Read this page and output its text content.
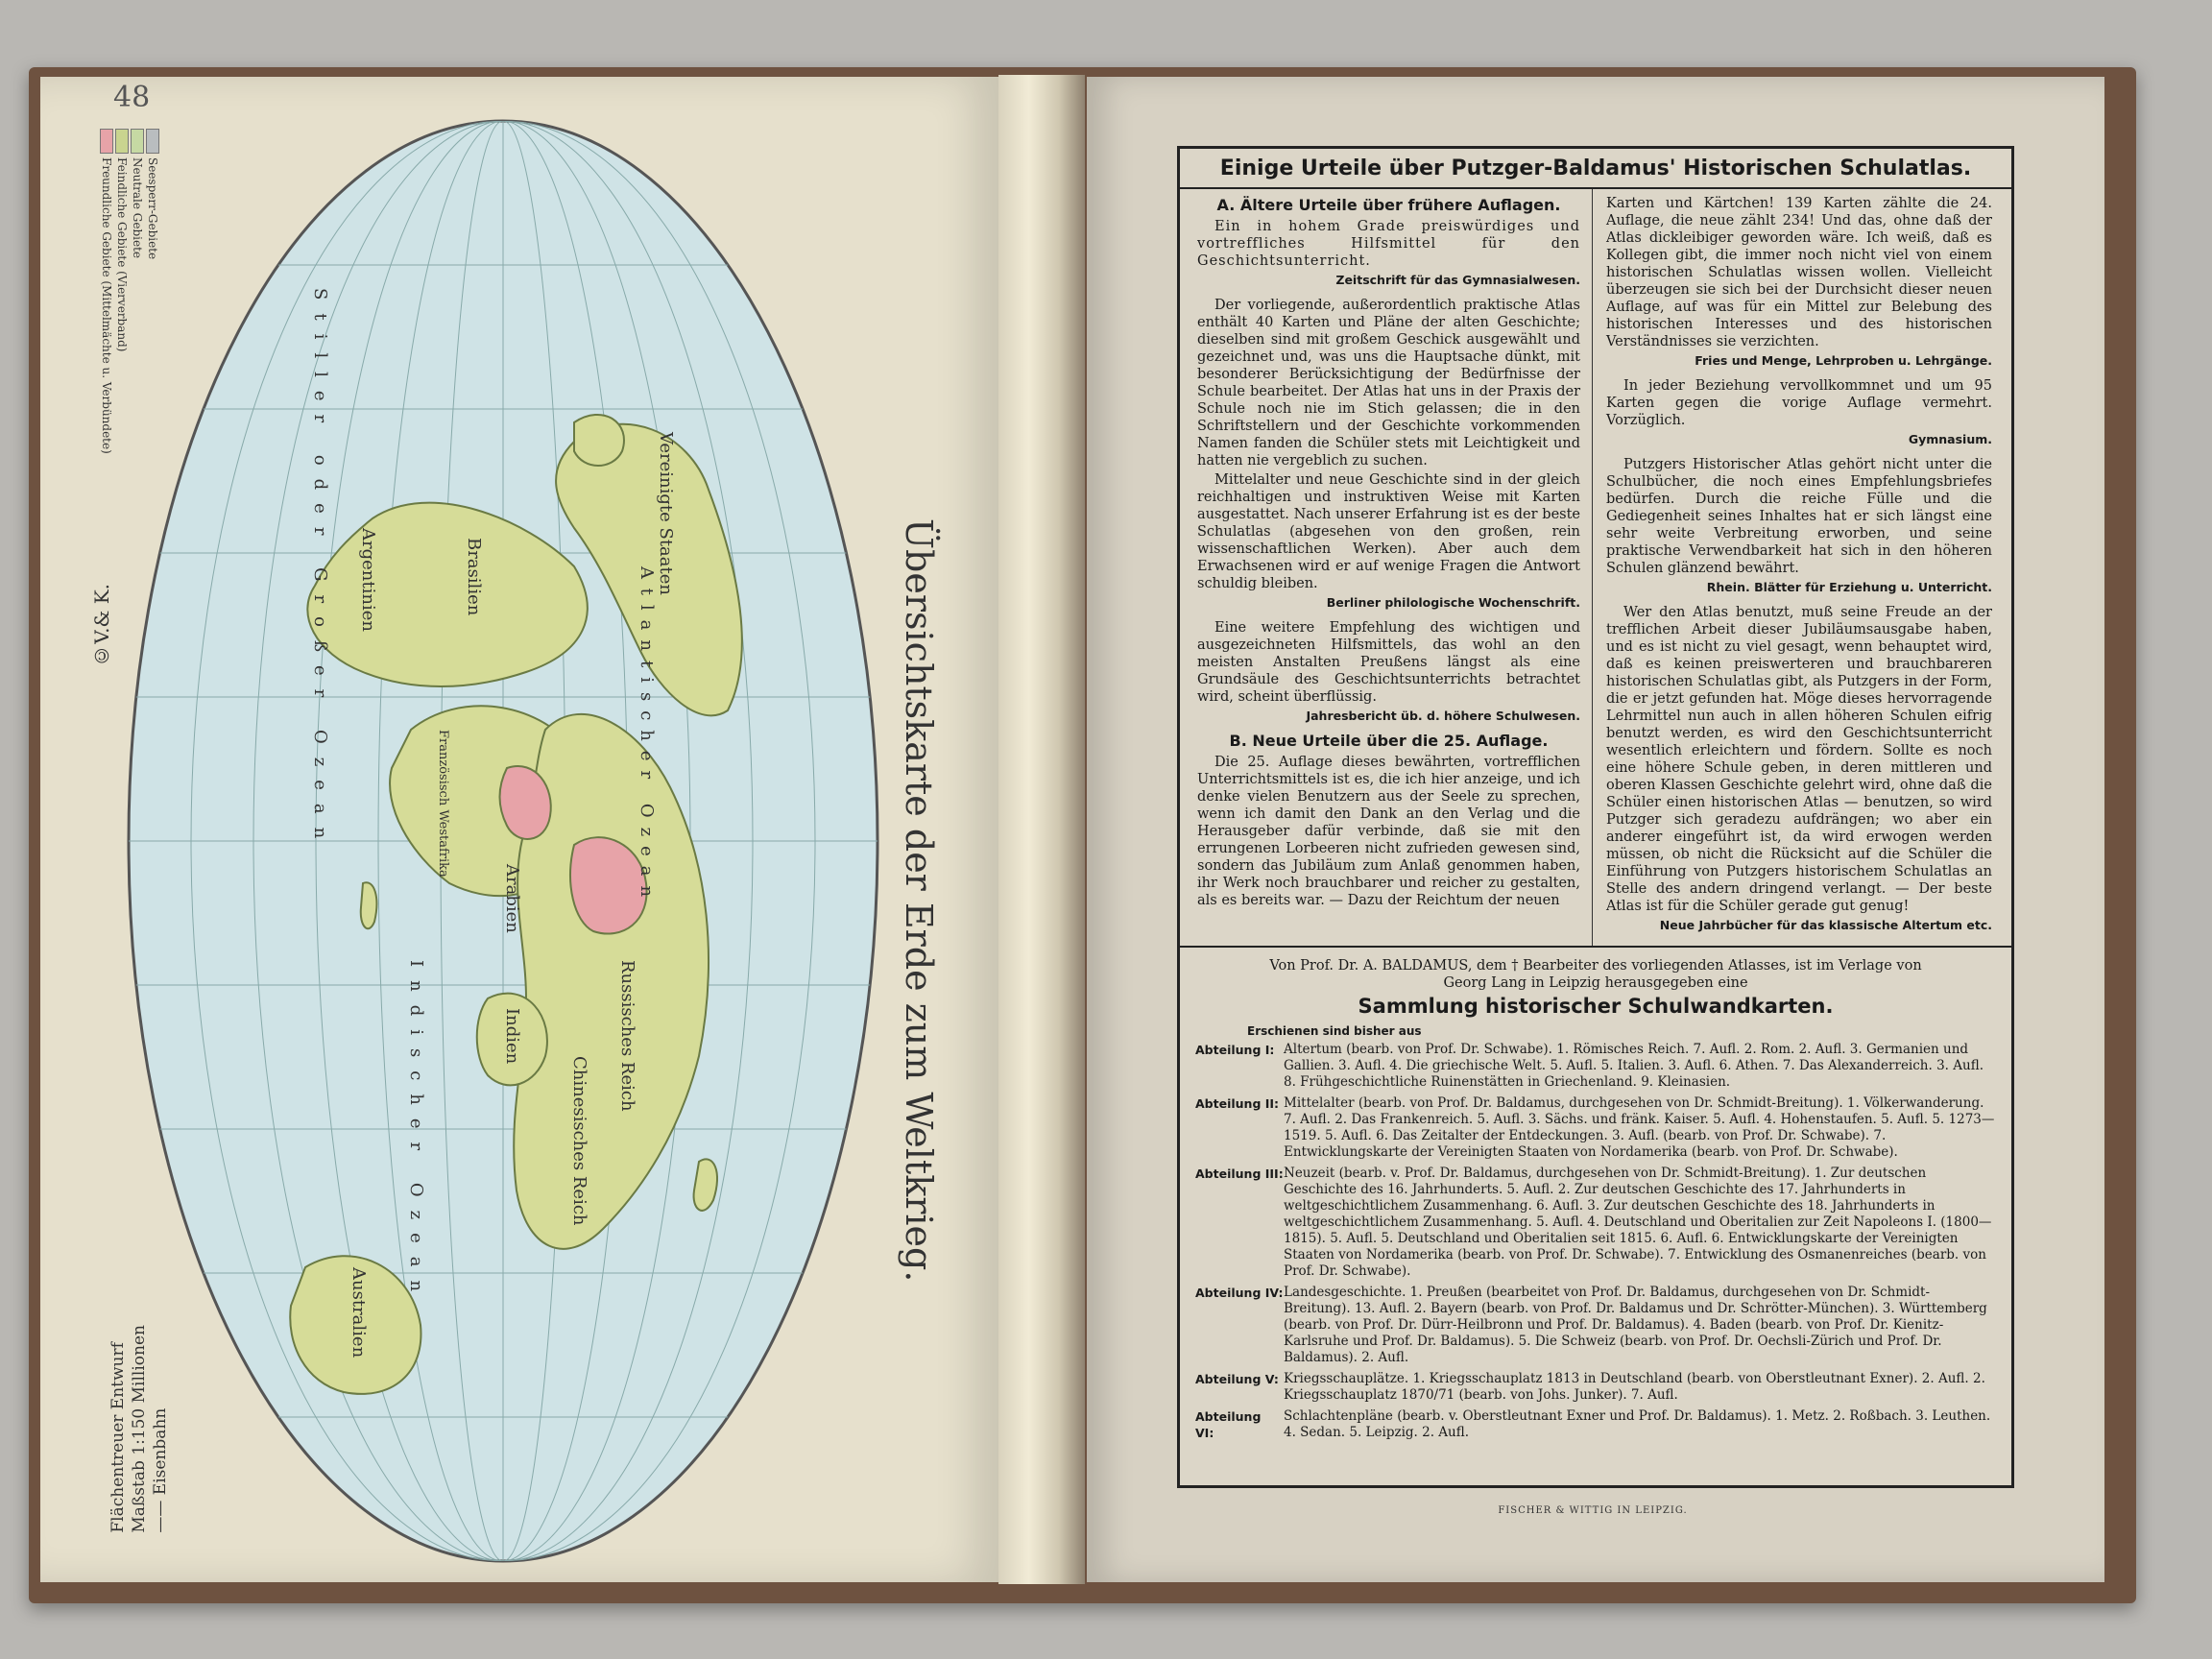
48
Freundliche Gebiete (Mittelmächte u. Verbündete) Feindliche Gebiete (Vierverband) Neutrale Gebiete Seesperr-Gebiete
©V.& K.	Stiller oder Großer Ozean	Atlantischer Ozean
Indischer Ozean
Vereinigte Staaten
Brasilien
Argentinien
Russisches Reich
Chinesisches Reich
Indien
Arabien
Australien
Französisch Westafrika	Übersichtskarte der Erde zum Weltkrieg.
Flächentreuer Entwurf Maßstab 1:150 Millionen —— Eisenbahn
Einige Urteile über Putzger-Baldamus' Historischen Schulatlas.
A. Ältere Urteile über frühere Auflagen.

Ein in hohem Grade preiswürdiges und vortreffliches Hilfsmittel für den Geschichtsunterricht.

Zeitschrift für das Gymnasialwesen.

Der vorliegende, außerordentlich praktische Atlas enthält 40 Karten und Pläne der alten Geschichte; dieselben sind mit großem Geschick ausgewählt und gezeichnet und, was uns die Hauptsache dünkt, mit besonderer Berücksichtigung der Bedürfnisse der Schule bearbeitet. Der Atlas hat uns in der Praxis der Schule noch nie im Stich gelassen; die in den Schriftstellern und der Geschichte vorkommenden Namen fanden die Schüler stets mit Leichtigkeit und hatten nie vergeblich zu suchen.

Mittelalter und neue Geschichte sind in der gleich reichhaltigen und instruktiven Weise mit Karten ausgestattet. Nach unserer Erfahrung ist es der beste Schulatlas (abgesehen von den großen, rein wissenschaftlichen Werken). Aber auch dem Erwachsenen wird er auf wenige Fragen die Antwort schuldig bleiben.

Berliner philologische Wochenschrift.

Eine weitere Empfehlung des wichtigen und ausgezeichneten Hilfsmittels, das wohl an den meisten Anstalten Preußens längst als eine Grundsäule des Geschichtsunterrichts betrachtet wird, scheint überflüssig.

Jahresbericht üb. d. höhere Schulwesen.
B. Neue Urteile über die 25. Auflage.

Die 25. Auflage dieses bewährten, vortrefflichen Unterrichtsmittels ist es, die ich hier anzeige, und ich denke vielen Benutzern aus der Seele zu sprechen, wenn ich damit den Dank an den Verlag und die Herausgeber dafür verbinde, daß sie mit den errungenen Lorbeeren nicht zufrieden gewesen sind, sondern das Jubiläum zum Anlaß genommen haben, ihr Werk noch brauchbarer und reicher zu gestalten, als es bereits war. — Dazu der Reichtum der neuen

Karten und Kärtchen! 139 Karten zählte die 24. Auflage, die neue zählt 234! Und das, ohne daß der Atlas dickleibiger geworden wäre. Ich weiß, daß es Kollegen gibt, die immer noch nicht viel von einem historischen Schulatlas wissen wollen. Vielleicht überzeugen sie sich bei der Durchsicht dieser neuen Auflage, auf was für ein Mittel zur Belebung des historischen Interesses und des historischen Verständnisses sie verzichten.

Fries und Menge, Lehrproben u. Lehrgänge.

In jeder Beziehung vervollkommnet und um 95 Karten gegen die vorige Auflage vermehrt. Vorzüglich.

Gymnasium.

Putzgers Historischer Atlas gehört nicht unter die Schulbücher, die noch eines Empfehlungsbriefes bedürfen. Durch die reiche Fülle und die Gediegenheit seines Inhaltes hat er sich längst eine sehr weite Verbreitung erworben, und seine praktische Verwendbarkeit hat sich in den höheren Schulen glänzend bewährt.

Rhein. Blätter für Erziehung u. Unterricht.

Wer den Atlas benutzt, muß seine Freude an der trefflichen Arbeit dieser Jubiläumsausgabe haben, und es ist nicht zu viel gesagt, wenn behauptet wird, daß es keinen preiswerteren und brauchbareren historischen Schulatlas gibt, als Putzgers in der Form, die er jetzt gefunden hat. Möge dieses hervorragende Lehrmittel nun auch in allen höheren Schulen eifrig benutzt werden, es wird den Geschichtsunterricht wesentlich erleichtern und fördern. Sollte es noch eine höhere Schule geben, in deren mittleren und oberen Klassen Geschichte gelehrt wird, ohne daß die Schüler einen historischen Atlas — benutzen, so wird Putzger sich geradezu aufdrängen; wo aber ein anderer eingeführt ist, da wird erwogen werden müssen, ob nicht die Rücksicht auf die Schüler die Einführung von Putzgers historischem Schulatlas an Stelle des andern dringend verlangt. — Der beste Atlas ist für die Schüler gerade gut genug!

Neue Jahrbücher für das klassische Altertum etc.
Von Prof. Dr. A. BALDAMUS, dem † Bearbeiter des vorliegenden Atlasses, ist im Verlage von
Georg Lang in Leipzig herausgegeben eine
Sammlung historischer Schulwandkarten.
Erschienen sind bisher aus
Abteilung I: Altertum (bearb. von Prof. Dr. Schwabe). 1. Römisches Reich. 7. Aufl. 2. Rom. 2. Aufl. 3. Germanien und Gallien. 3. Aufl. 4. Die griechische Welt. 5. Aufl. 5. Italien. 3. Aufl. 6. Athen. 7. Das Alexanderreich. 3. Aufl. 8. Frühgeschichtliche Ruinenstätten in Griechenland. 9. Kleinasien.
Abteilung II: Mittelalter (bearb. von Prof. Dr. Baldamus, durchgesehen von Dr. Schmidt-Breitung). 1. Völkerwanderung. 7. Aufl. 2. Das Frankenreich. 5. Aufl. 3. Sächs. und fränk. Kaiser. 5. Aufl. 4. Hohenstaufen. 5. Aufl. 5. 1273—1519. 5. Aufl. 6. Das Zeitalter der Entdeckungen. 3. Aufl. (bearb. von Prof. Dr. Schwabe). 7. Entwicklungskarte der Vereinigten Staaten von Nordamerika (bearb. von Prof. Dr. Schwabe).
Abteilung III: Neuzeit (bearb. v. Prof. Dr. Baldamus, durchgesehen von Dr. Schmidt-Breitung). 1. Zur deutschen Geschichte des 16. Jahrhunderts. 5. Aufl. 2. Zur deutschen Geschichte des 17. Jahrhunderts in weltgeschichtlichem Zusammenhang. 6. Aufl. 3. Zur deutschen Geschichte des 18. Jahrhunderts in weltgeschichtlichem Zusammenhang. 5. Aufl. 4. Deutschland und Oberitalien zur Zeit Napoleons I. (1800—1815). 5. Aufl. 5. Deutschland und Oberitalien seit 1815. 6. Aufl. 6. Entwicklungskarte der Vereinigten Staaten von Nordamerika (bearb. von Prof. Dr. Schwabe). 7. Entwicklung des Osmanenreiches (bearb. von Prof. Dr. Schwabe).
Abteilung IV: Landesgeschichte. 1. Preußen (bearbeitet von Prof. Dr. Baldamus, durchgesehen von Dr. Schmidt-Breitung). 13. Aufl. 2. Bayern (bearb. von Prof. Dr. Baldamus und Dr. Schrötter-München). 3. Württemberg (bearb. von Prof. Dr. Dürr-Heilbronn und Prof. Dr. Baldamus). 4. Baden (bearb. von Prof. Dr. Kienitz-Karlsruhe und Prof. Dr. Baldamus). 5. Die Schweiz (bearb. von Prof. Dr. Oechsli-Zürich und Prof. Dr. Baldamus). 2. Aufl.
Abteilung V: Kriegsschauplätze. 1. Kriegsschauplatz 1813 in Deutschland (bearb. von Oberstleutnant Exner). 2. Aufl. 2. Kriegsschauplatz 1870/71 (bearb. von Johs. Junker). 7. Aufl.
Abteilung VI:
Schlachtenpläne (bearb. v. Oberstleutnant Exner und Prof. Dr. Baldamus). 1. Metz. 2. Roßbach. 3. Leuthen. 4. Sedan. 5. Leipzig. 2. Aufl.
FISCHER & WITTIG IN LEIPZIG.
